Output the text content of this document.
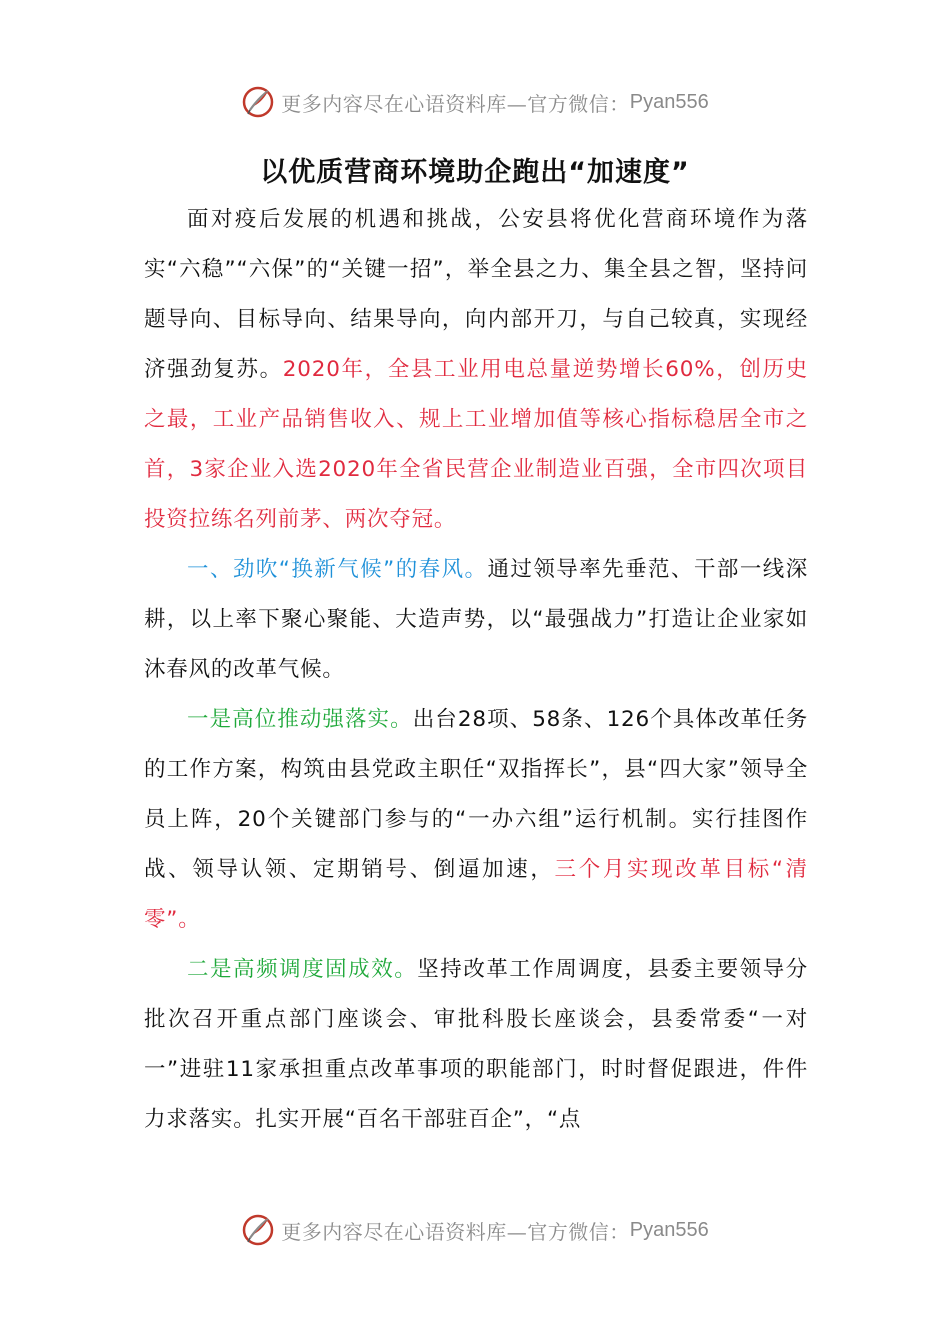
更多内容尽在心语资料库—官方微信： Pyan556
以优质营商环境助企跑出“加速度”

面对疫后发展的机遇和挑战，公安县将优化营商环境作为落实“六稳”“六保”的“关键一招”，举全县之力、集全县之智，坚持问题导向、目标导向、结果导向，向内部开刀，与自己较真，实现经济强劲复苏。2020年，全县工业用电总量逆势增长60%，创历史之最，工业产品销售收入、规上工业增加值等核心指标稳居全市之首，3家企业入选2020年全省民营企业制造业百强，全市四次项目投资拉练名列前茅、两次夺冠。

一、劲吹“换新气候”的春风。通过领导率先垂范、干部一线深耕，以上率下聚心聚能、大造声势，以“最强战力”打造让企业家如沐春风的改革气候。

一是高位推动强落实。出台28项、58条、126个具体改革任务的工作方案，构筑由县党政主职任“双指挥长”，县“四大家”领导全员上阵，20个关键部门参与的“一办六组”运行机制。实行挂图作战、领导认领、定期销号、倒逼加速，三个月实现改革目标“清零”。

二是高频调度固成效。坚持改革工作周调度，县委主要领导分批次召开重点部门座谈会、审批科股长座谈会，县委常委“一对一”进驻11家承担重点改革事项的职能部门，时时督促跟进，件件力求落实。扎实开展“百名干部驻百企”，“点

更多内容尽在心语资料库—官方微信： Pyan556
